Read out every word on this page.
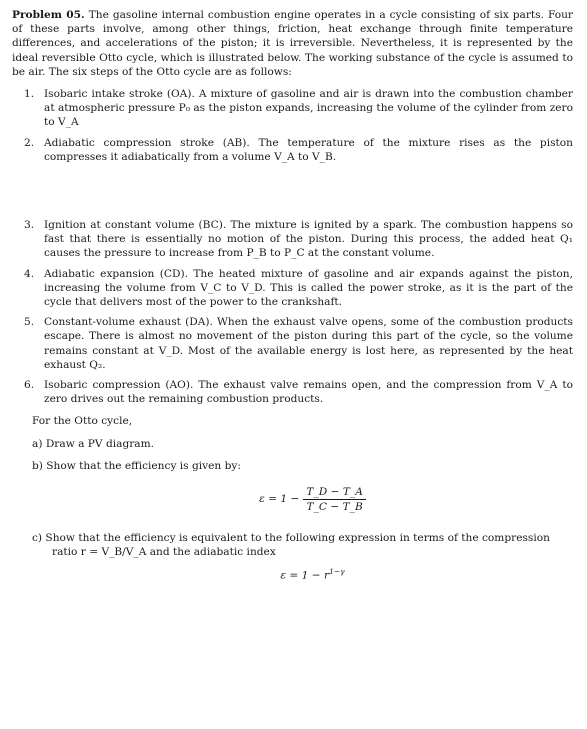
Problem 05. The gasoline internal combustion engine operates in a cycle consisting of six parts. Four of these parts involve, among other things, friction, heat exchange through finite temperature differences, and accelerations of the piston; it is irreversible. Nevertheless, it is represented by the ideal reversible Otto cycle, which is illustrated below. The working substance of the cycle is assumed to be air. The six steps of the Otto cycle are as follows:

1. Isobaric intake stroke (OA). A mixture of gasoline and air is drawn into the combustion chamber at atmospheric pressure P₀ as the piston expands, increasing the volume of the cylinder from zero to V_A
2. Adiabatic compression stroke (AB). The temperature of the mixture rises as the piston compresses it adiabatically from a volume V_A to V_B.
3. Ignition at constant volume (BC). The mixture is ignited by a spark. The combustion happens so fast that there is essentially no motion of the piston. During this process, the added heat Q₁ causes the pressure to increase from P_B to P_C at the constant volume.
4. Adiabatic expansion (CD). The heated mixture of gasoline and air expands against the piston, increasing the volume from V_C to V_D. This is called the power stroke, as it is the part of the cycle that delivers most of the power to the crankshaft.
5. Constant-volume exhaust (DA). When the exhaust valve opens, some of the combustion products escape. There is almost no movement of the piston during this part of the cycle, so the volume remains constant at V_D. Most of the available energy is lost here, as represented by the heat exhaust Q₂.
6. Isobaric compression (AO). The exhaust valve remains open, and the compression from V_A to zero drives out the remaining combustion products.
For the Otto cycle,
a) Draw a PV diagram.
b) Show that the efficiency is given by:
$\varepsilon = 1 - \frac{T\_D - T\_A}{T\_C - T\_B}$
c) Show that the efficiency is equivalent to the following expression in terms of the compression ratio r = V_B/V_A and the adiabatic index
$\varepsilon = 1 - r^{1-\gamma}$
